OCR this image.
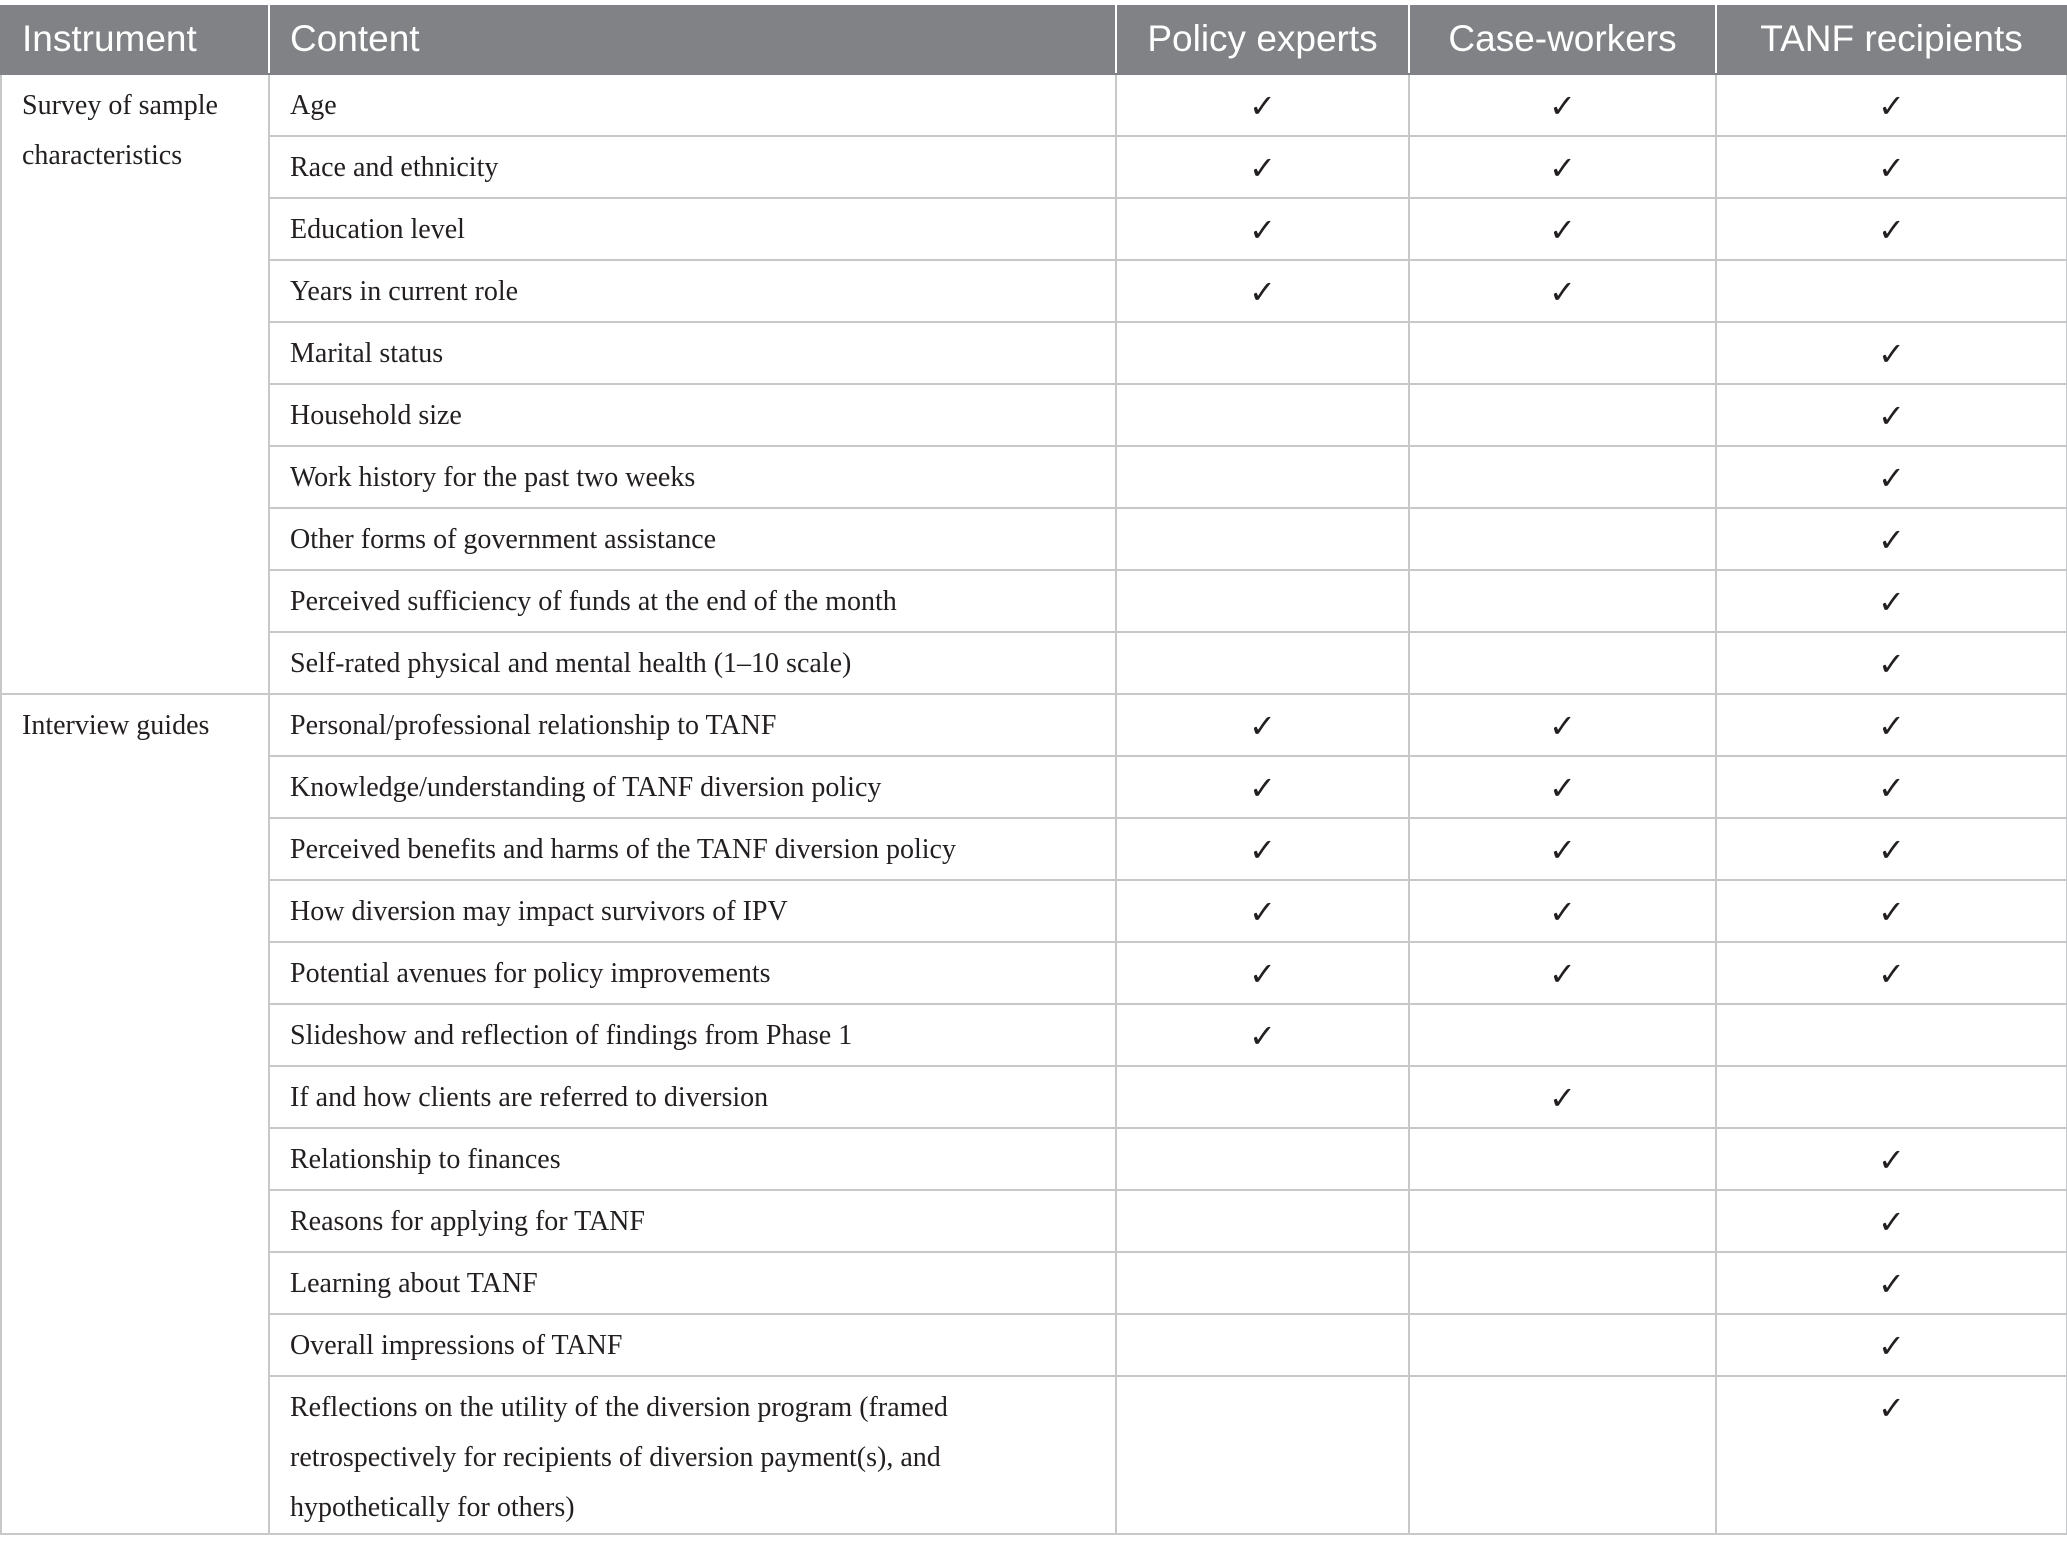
Instrument	Content	Policy experts	Case-workers	TANF recipients
Survey of sample characteristics	Age	✓	✓	✓
	Race and ethnicity	✓	✓	✓
	Education level	✓	✓	✓
	Years in current role	✓	✓	
	Marital status			✓
	Household size			✓
	Work history for the past two weeks			✓
	Other forms of government assistance			✓
	Perceived sufficiency of funds at the end of the month			✓
	Self-rated physical and mental health (1–10 scale)			✓
Interview guides	Personal/professional relationship to TANF	✓	✓	✓
	Knowledge/understanding of TANF diversion policy	✓	✓	✓
	Perceived benefits and harms of the TANF diversion policy	✓	✓	✓
	How diversion may impact survivors of IPV	✓	✓	✓
	Potential avenues for policy improvements	✓	✓	✓
	Slideshow and reflection of findings from Phase 1	✓		
	If and how clients are referred to diversion		✓	
	Relationship to finances			✓
	Reasons for applying for TANF			✓
	Learning about TANF			✓
	Overall impressions of TANF			✓
	Reflections on the utility of the diversion program (framed retrospectively for recipients of diversion payment(s), and hypothetically for others)			✓
